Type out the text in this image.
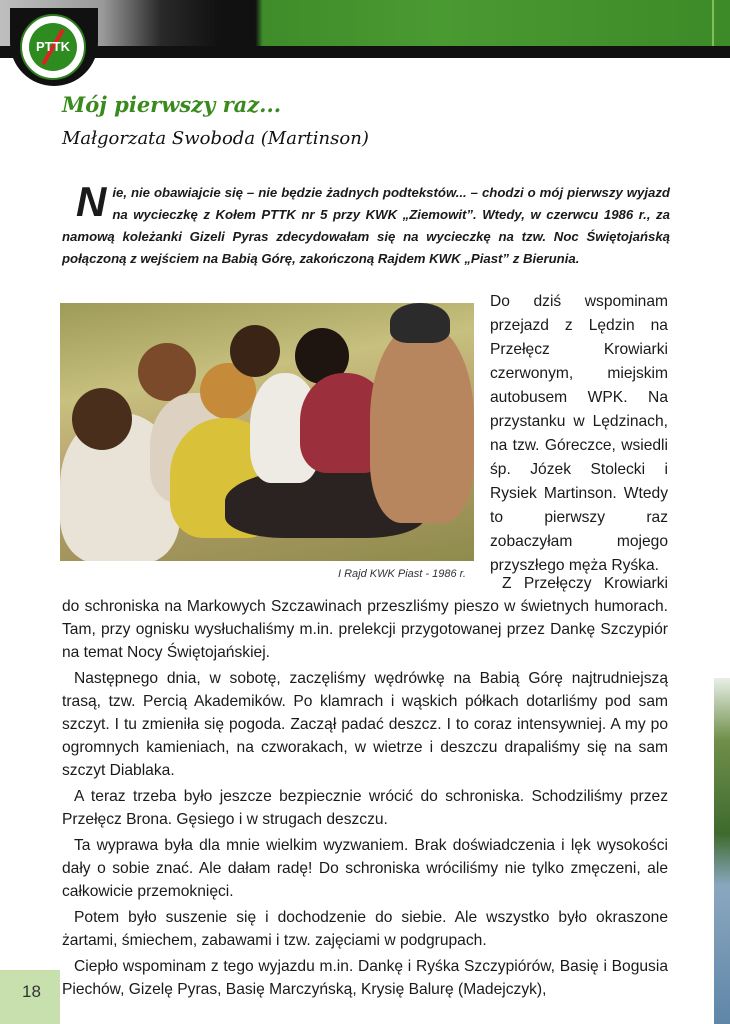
PTTK
Mój pierwszy raz...
Małgorzata Swoboda (Martinson)
Nie, nie obawiajcie się – nie będzie żadnych podtekstów... – chodzi o mój pierwszy wyjazd na wycieczkę z Kołem PTTK nr 5 przy KWK „Ziemowit”. Wtedy, w czerwcu 1986 r., za namową koleżanki Gizeli Pyras zdecydowałam się na wycieczkę na tzw. Noc Świętojańską połączoną z wejściem na Babią Górę, zakończoną Rajdem KWK „Piast” z Bierunia.
I Rajd KWK Piast - 1986 r.
Do dziś wspominam przejazd z Lędzin na Przełęcz Krowiarki czerwonym, miejskim autobusem WPK. Na przystanku w Lędzinach, na tzw. Góreczce, wsiedli śp. Józek Stolecki i Rysiek Martinson. Wtedy to pierwszy raz zobaczyłam mojego przyszłego męża Ryśka.

Z Przełęczy Krowiarki do schroniska na Markowych Szczawinach przeszliśmy pieszo w świetnych humorach. Tam, przy ognisku wysłuchaliśmy m.in. prelekcji przygotowanej przez Dankę Szczypiór na temat Nocy Świętojańskiej.

Następnego dnia, w sobotę, zaczęliśmy wędrówkę na Babią Górę najtrudniejszą trasą, tzw. Percią Akademików. Po klamrach i wąskich półkach dotarliśmy pod sam szczyt. I tu zmieniła się pogoda. Zaczął padać deszcz. I to coraz intensywniej. A my po ogromnych kamieniach, na czworakach, w wietrze i deszczu drapaliśmy się na sam szczyt Diablaka.

A teraz trzeba było jeszcze bezpiecznie wrócić do schroniska. Schodziliśmy przez Przełęcz Brona. Gęsiego i w strugach deszczu.

Ta wyprawa była dla mnie wielkim wyzwaniem. Brak doświadczenia i lęk wysokości dały o sobie znać. Ale dałam radę! Do schroniska wróciliśmy nie tylko zmęczeni, ale całkowicie przemoknięci.

Potem było suszenie się i dochodzenie do siebie. Ale wszystko było okraszone żartami, śmiechem, zabawami i tzw. zajęciami w podgrupach.

Ciepło wspominam z tego wyjazdu m.in. Dankę i Ryśka Szczypiórów, Basię i Bogusia Piechów, Gizelę Pyras, Basię Marczyńską, Krysię Balurę (Madejczyk),

18
